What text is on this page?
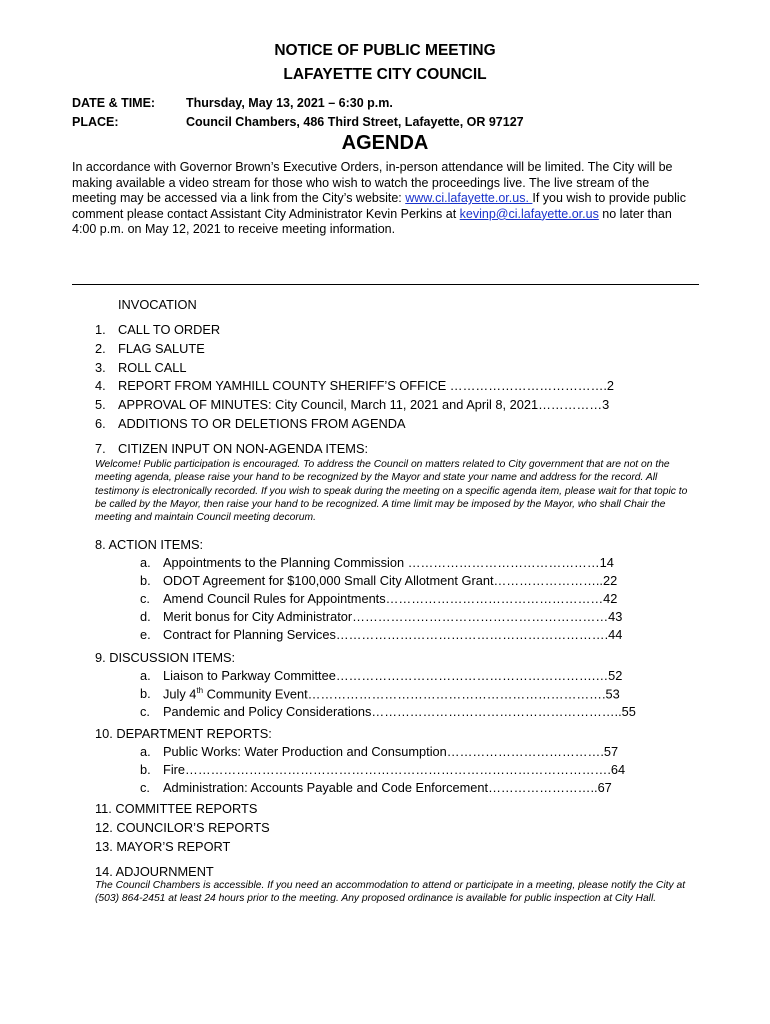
NOTICE OF PUBLIC MEETING
LAFAYETTE CITY COUNCIL
DATE & TIME:	Thursday, May 13, 2021 – 6:30 p.m.
PLACE:	Council Chambers, 486 Third Street, Lafayette, OR 97127
AGENDA
In accordance with Governor Brown’s Executive Orders, in-person attendance will be limited. The City will be making available a video stream for those who wish to watch the proceedings live. The live stream of the meeting may be accessed via a link from the City’s website: www.ci.lafayette.or.us. If you wish to provide public comment please contact Assistant City Administrator Kevin Perkins at kevinp@ci.lafayette.or.us no later than 4:00 p.m. on May 12, 2021 to receive meeting information.
INVOCATION
1. CALL TO ORDER
2. FLAG SALUTE
3. ROLL CALL
4. REPORT FROM YAMHILL COUNTY SHERIFF’S OFFICE ……………………………….2
5. APPROVAL OF MINUTES: City Council, March 11, 2021 and April 8, 2021……………3
6. ADDITIONS TO OR DELETIONS FROM AGENDA
7. CITIZEN INPUT ON NON-AGENDA ITEMS:
Welcome! Public participation is encouraged. To address the Council on matters related to City government that are not on the meeting agenda, please raise your hand to be recognized by the Mayor and state your name and address for the record. All testimony is electronically recorded. If you wish to speak during the meeting on a specific agenda item, please wait for that topic to be called by the Mayor, then raise your hand to be recognized. A time limit may be imposed by the Mayor, who shall Chair the meeting and maintain Council meeting decorum.
8. ACTION ITEMS:
a. Appointments to the Planning Commission ………………………………………14
b. ODOT Agreement for $100,000 Small City Allotment Grant……………………..22
c. Amend Council Rules for Appointments……………………………………………42
d. Merit bonus for City Administrator……………………………………………………43
e. Contract for Planning Services……………………………………………………….44
9. DISCUSSION ITEMS:
a. Liaison to Parkway Committee…………………………………………………….…52
b. July 4th Community Event…………………………………………………………….53
c. Pandemic and Policy Considerations…………………………………………………..55
10. DEPARTMENT REPORTS:
a. Public Works: Water Production and Consumption……………………………….57
b. Fire……………………………………………………………………………………….64
c. Administration: Accounts Payable and Code Enforcement……………………..67
11. COMMITTEE REPORTS
12. COUNCILOR’S REPORTS
13. MAYOR’S REPORT
14. ADJOURNMENT
The Council Chambers is accessible. If you need an accommodation to attend or participate in a meeting, please notify the City at (503) 864-2451 at least 24 hours prior to the meeting. Any proposed ordinance is available for public inspection at City Hall.
